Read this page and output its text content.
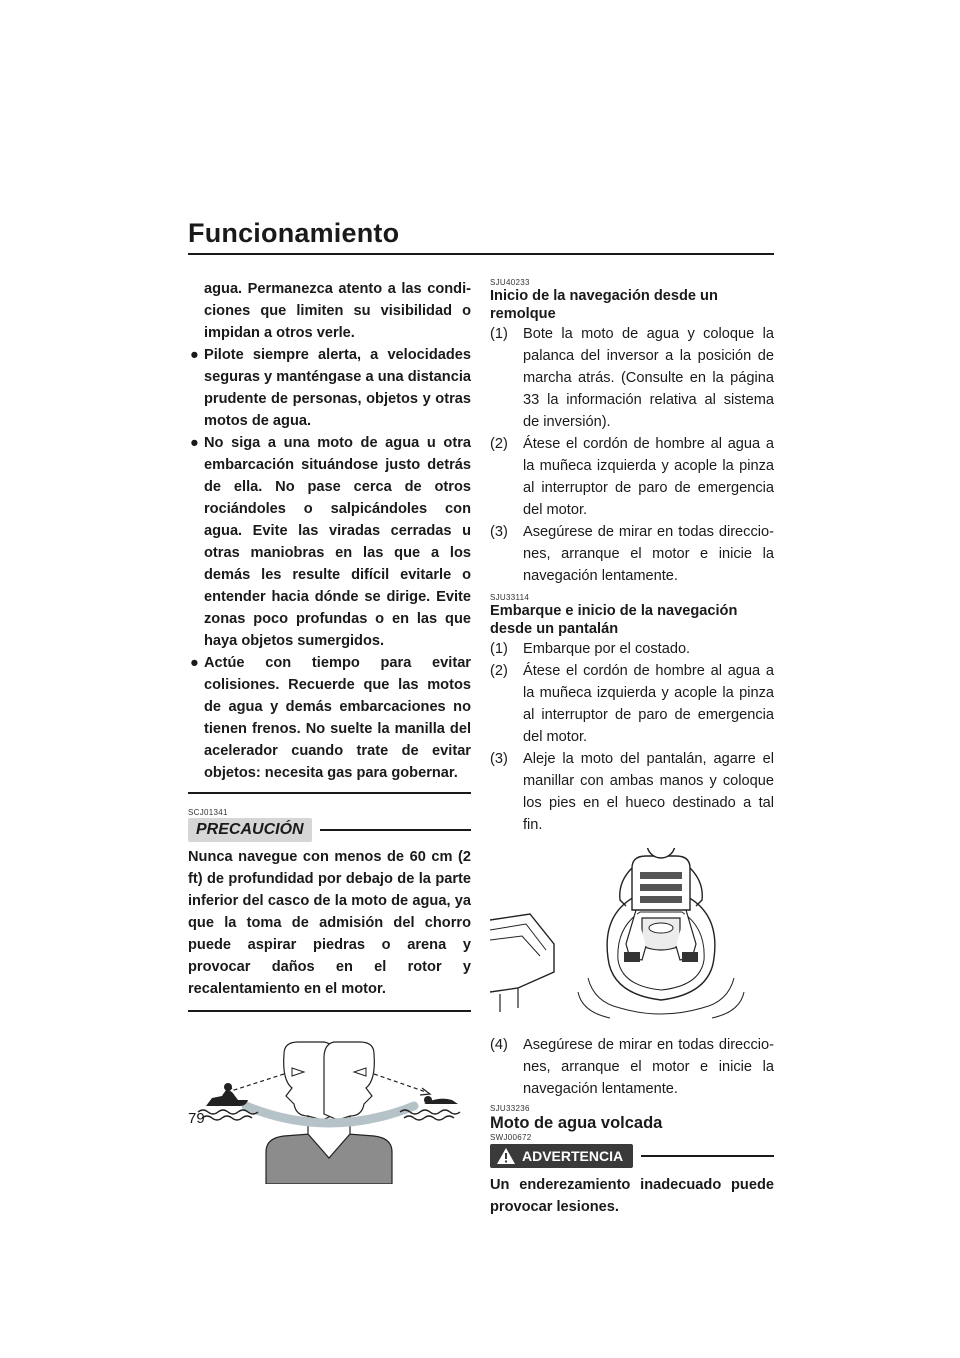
Funcionamiento

agua. Permanezca atento a las condiciones que limiten su visibilidad o impidan a otros verle.

● Pilote siempre alerta, a velocidades seguras y manténgase a una distancia prudente de personas, objetos y otras motos de agua.
● No siga a una moto de agua u otra embarcación situándose justo detrás de ella. No pase cerca de otros rociándoles o salpicándoles con agua. Evite las viradas cerradas u otras maniobras en las que a los demás les resulte difícil evitarle o entender hacia dónde se dirige. Evite zonas poco profundas o en las que haya objetos sumergidos.
● Actúe con tiempo para evitar colisiones. Recuerde que las motos de agua y demás embarcaciones no tienen frenos. No suelte la manilla del acelerador cuando trate de evitar objetos: necesita gas para gobernar.

SCJ01341

PRECAUCIÓN

Nunca navegue con menos de 60 cm (2 ft) de profundidad por debajo de la parte inferior del casco de la moto de agua, ya que la toma de admisión del chorro puede aspirar piedras o arena y provocar daños en el rotor y recalentamiento en el motor.

SJU40233

Inicio de la navegación desde un remolque

(1) Bote la moto de agua y coloque la palanca del inversor a la posición de marcha atrás. (Consulte en la página 33 la información relativa al sistema de inversión).
(2) Átese el cordón de hombre al agua a la muñeca izquierda y acople la pinza al interruptor de paro de emergencia del motor.
(3) Asegúrese de mirar en todas direcciones, arranque el motor e inicie la navegación lentamente.

SJU33114

Embarque e inicio de la navegación desde un pantalán

(1) Embarque por el costado.
(2) Átese el cordón de hombre al agua a la muñeca izquierda y acople la pinza al interruptor de paro de emergencia del motor.
(3) Aleje la moto del pantalán, agarre el manillar con ambas manos y coloque los pies en el hueco destinado a tal fin.
(4) Asegúrese de mirar en todas direcciones, arranque el motor e inicie la navegación lentamente.

SJU33236

Moto de agua volcada

SWJ00672

ADVERTENCIA

Un enderezamiento inadecuado puede provocar lesiones.

79
